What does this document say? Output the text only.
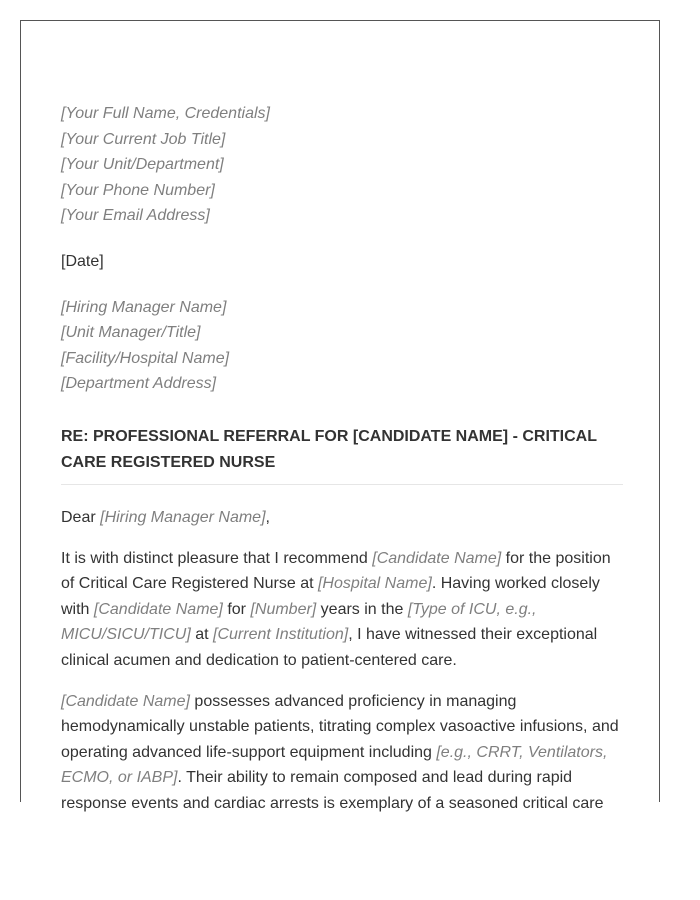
[Your Full Name, Credentials]
[Your Current Job Title]
[Your Unit/Department]
[Your Phone Number]
[Your Email Address]
[Date]
[Hiring Manager Name]
[Unit Manager/Title]
[Facility/Hospital Name]
[Department Address]
RE: PROFESSIONAL REFERRAL FOR [CANDIDATE NAME] - CRITICAL CARE REGISTERED NURSE
Dear [Hiring Manager Name],
It is with distinct pleasure that I recommend [Candidate Name] for the position of Critical Care Registered Nurse at [Hospital Name]. Having worked closely with [Candidate Name] for [Number] years in the [Type of ICU, e.g., MICU/SICU/TICU] at [Current Institution], I have witnessed their exceptional clinical acumen and dedication to patient-centered care.
[Candidate Name] possesses advanced proficiency in managing hemodynamically unstable patients, titrating complex vasoactive infusions, and operating advanced life-support equipment including [e.g., CRRT, Ventilators, ECMO, or IABP]. Their ability to remain composed and lead during rapid response events and cardiac arrests is exemplary of a seasoned critical care
